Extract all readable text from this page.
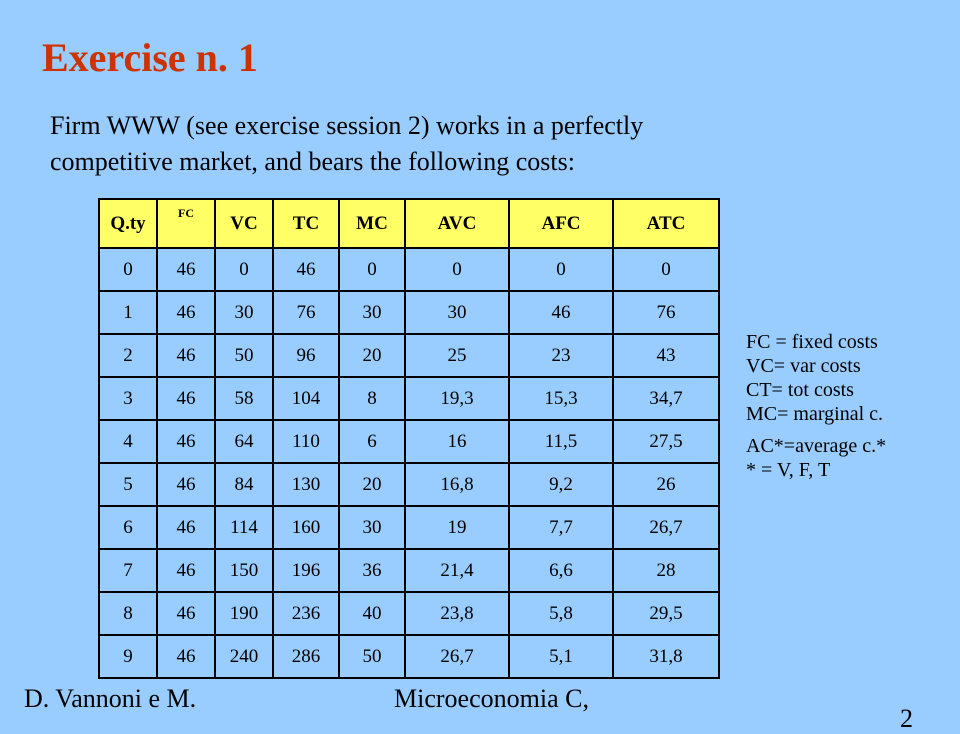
Exercise n. 1

Firm WWW (see exercise session 2) works in a perfectly

competitive market, and bears the following costs:

Q.ty	FC	VC	TC	MC	AVC	AFC	ATC
0	46	0	46	0	0	0	0
1	46	30	76	30	30	46	76
2	46	50	96	20	25	23	43
3	46	58	104	8	19,3	15,3	34,7
4	46	64	110	6	16	11,5	27,5
5	46	84	130	20	16,8	9,2	26
6	46	114	160	30	19	7,7	26,7
7	46	150	196	36	21,4	6,6	28
8	46	190	236	40	23,8	5,8	29,5
9	46	240	286	50	26,7	5,1	31,8

FC = fixed costs
VC= var costs
CT= tot costs
MC= marginal c.

AC*=average c.*
* = V, F, T

D. Vannoni e M.	Microeconomia C,
2
